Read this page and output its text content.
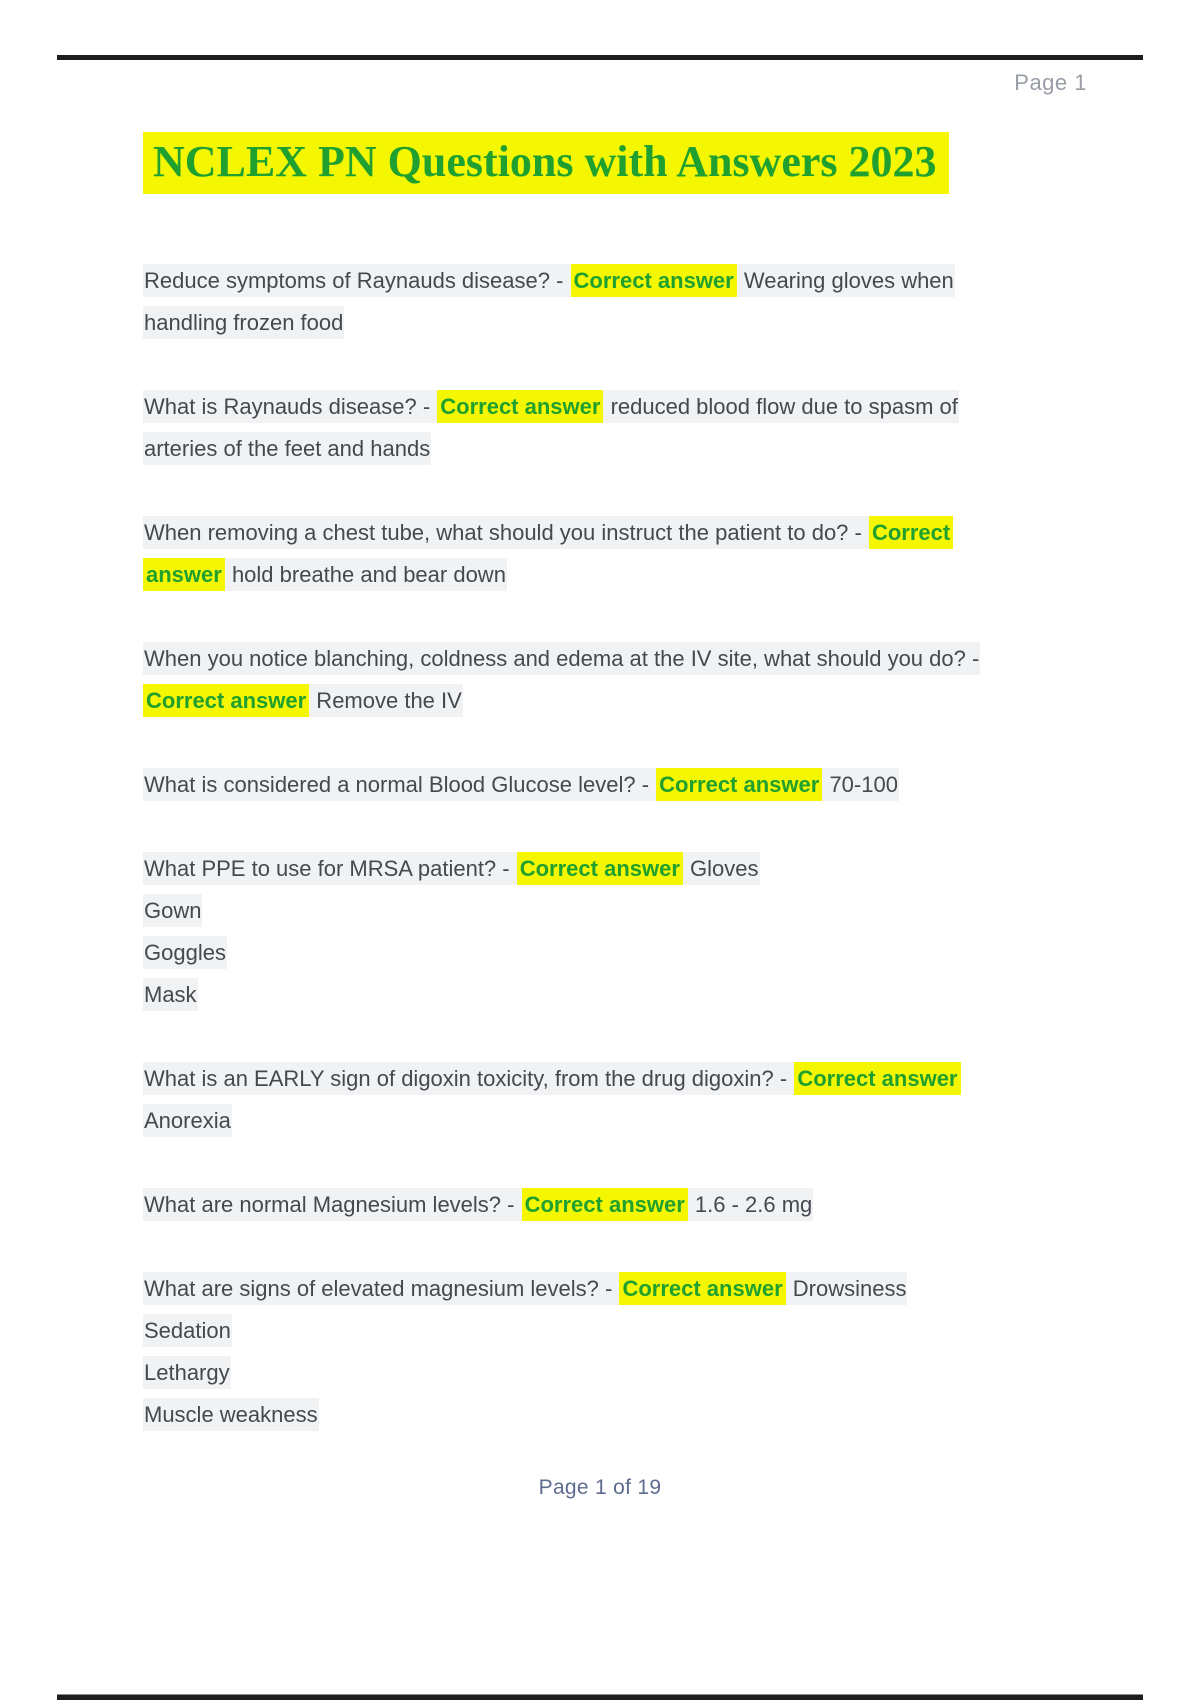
Page 1
NCLEX PN Questions with Answers 2023
Reduce symptoms of Raynauds disease? - Correct answer Wearing gloves when
handling frozen food
What is Raynauds disease? - Correct answer reduced blood flow due to spasm of
arteries of the feet and hands
When removing a chest tube, what should you instruct the patient to do? - Correct
answer hold breathe and bear down
When you notice blanching, coldness and edema at the IV site, what should you do? -
Correct answer Remove the IV
What is considered a normal Blood Glucose level? - Correct answer 70-100
What PPE to use for MRSA patient? - Correct answer Gloves
Gown
Goggles
Mask
What is an EARLY sign of digoxin toxicity, from the drug digoxin? - Correct answer
Anorexia
What are normal Magnesium levels? - Correct answer 1.6 - 2.6 mg
What are signs of elevated magnesium levels? - Correct answer Drowsiness
Sedation
Lethargy
Muscle weakness
Page 1 of 19
